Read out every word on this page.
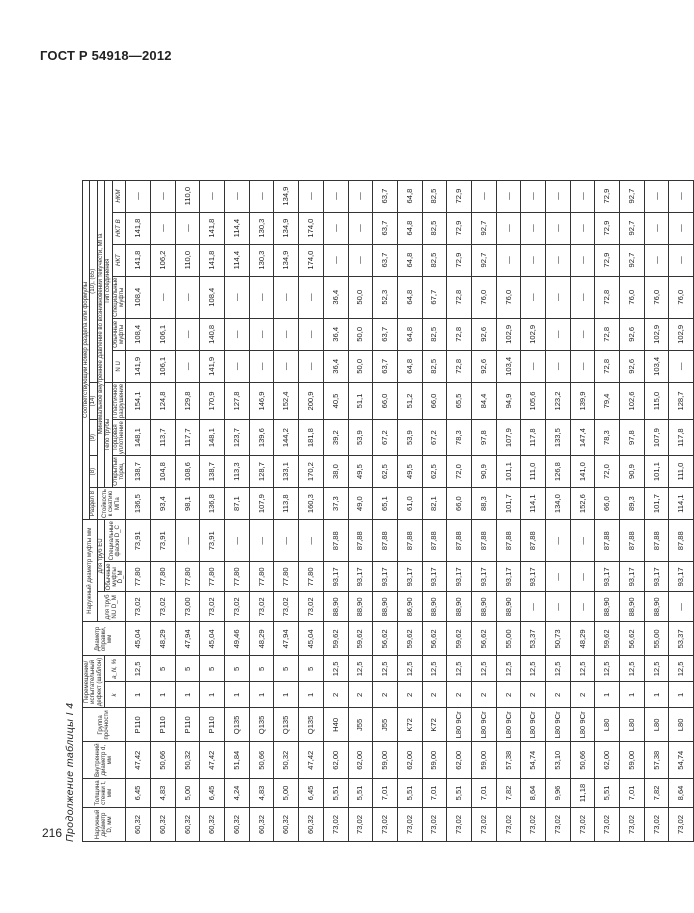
ГОСТ Р 54918—2012
216 Продолжение таблицы I 4	Наружный диаметр D, мм	Толщина стенки t, мм	Внутренний диаметр d, мм	Группа прочности	Перемещение/ испытательный дефект (шаблон)		Диаметр оправки, мм	Наружный диаметр муфты мм			Соответствующий номер раздела или формулы									
										Раздел 8	(8)	(9)	(14)	(10), (65)					
							для труб NU D_M	для труб EU		Стойкость к сжатию МПа	Минимальное внутреннее давление во возникновении текучести, МПа								
				k	a_N, %			Обычные муфты D_M	Специальные фаски D_C		Тело трубы			Тип соединения					
											Открытый торец	Торцовая уплотнение	Пластичное разрушение	N U	Обычные муфты	Специальные муфты	НКТ	НКТ В	НКМ
60,32	6,45	47,42	P110	1	12,5	45,04	73,02	77,80	73,91	136,5	138,7	148,1	154,1	141,9	108,4	108,4	141,8	141,8	—
60,32	4,83	50,66	P110	1	5	48,29	73,02	77,80	73,91	93,4	104,8	113,7	124,8	106,1	106,1	—	106,2	—	—
60,32	5,00	50,32	P110	1	5	47,94	73,00	77,80	—	98,1	108,6	117,7	129,8	—	—	—	110,0	—	110,0
60,32	6,45	47,42	P110	1	5	45,04	73,02	77,80	73,91	136,8	138,7	148,1	170,9	141,9	140,8	108,4	141,8	141,8	—
60,32	4,24	51,84	Q135	1	5	49,46	73,02	77,80	—	87,1	113,3	123,7	127,8	—	—	—	114,4	114,4	—
60,32	4,83	50,66	Q135	1	5	48,29	73,02	77,80	—	107,9	128,7	139,6	146,9	—	—	—	130,3	130,3	—
60,32	5,00	50,32	Q135	1	5	47,94	73,02	77,80	—	113,8	133,1	144,2	152,4	—	—	—	134,9	134,9	134,9
60,32	6,45	47,42	Q135	1	5	45,04	73,02	77,80	—	160,3	170,2	181,8	200,9	—	—	—	174,0	174,0	—
73,02	5,51	62,00	H40	2	12,5	59,62	88,90	93,17	87,88	37,3	38,0	39,2	40,5	36,4	36,4	36,4	—	—	—
73,02	5,51	62,00	J55	2	12,5	59,62	88,90	93,17	87,88	49,0	49,5	53,9	51,1	50,0	50,0	50,0	—	—	—
73,02	7,01	59,00	J55	2	12,5	56,62	88,90	93,17	87,88	65,1	62,5	67,2	66,0	63,7	63,7	52,3	63,7	63,7	63,7
73,02	5,51	62,00	K72	2	12,5	59,62	86,90	93,17	87,88	61,0	49,5	53,9	51,2	64,8	64,8	64,8	64,8	64,8	64,8
73,02	7,01	59,00	K72	2	12,5	56,62	88,90	93,17	87,88	82,1	62,5	67,2	66,0	82,5	82,5	67,7	82,5	82,5	82,5
73,02	5,51	62,00	L80 9Cr	2	12,5	59,62	88,90	93,17	87,88	66,0	72,0	78,3	65,5	72,8	72,8	72,8	72,9	72,9	72,9
73,02	7,01	59,00	L80 9Cr	2	12,5	56,62	88,90	93,17	87,88	88,3	90,9	97,8	84,4	92,6	92,6	76,0	92,7	92,7	—
73,02	7,82	57,38	L80 9Cr	2	12,5	55,00	88,90	93,17	87,88	101,7	101,1	107,9	94,9	103,4	102,9	76,0	—	—	—
73,02	8,64	54,74	L80 9Cr	2	12,5	53,37	—	93,17	87,88	114,1	111,0	117,8	105,6	—	102,9	—	—	—	—
73,02	9,96	53,10	L80 9Cr	2	12,5	50,73	—	—	—	134,0	126,8	133,5	123,2	—	—	—	—	—	—
73,02	11,18	50,66	L80 9Cr	2	12,5	48,29	—	—	—	152,6	141,0	147,4	139,9	—	—	—	—	—	—
73,02	5,51	62,00	L80	1	12,5	59,62	88,90	93,17	87,88	66,0	72,0	78,3	79,4	72,8	72,8	72,8	72,9	72,9	72,9
73,02	7,01	59,00	L80	1	12,5	56,62	88,90	93,17	87,88	89,3	90,9	97,8	102,6	92,6	92,6	76,0	92,7	92,7	92,7
73,02	7,82	57,38	L80	1	12,5	55,00	88,90	93,17	87,88	101,7	101,1	107,9	115,0	103,4	102,9	76,0	—	—	—
73,02	8,64	54,74	L80	1	12,5	53,37	—	93,17	87,88	114,1	111,0	117,8	128,7	—	102,9	76,0	—	—	—
